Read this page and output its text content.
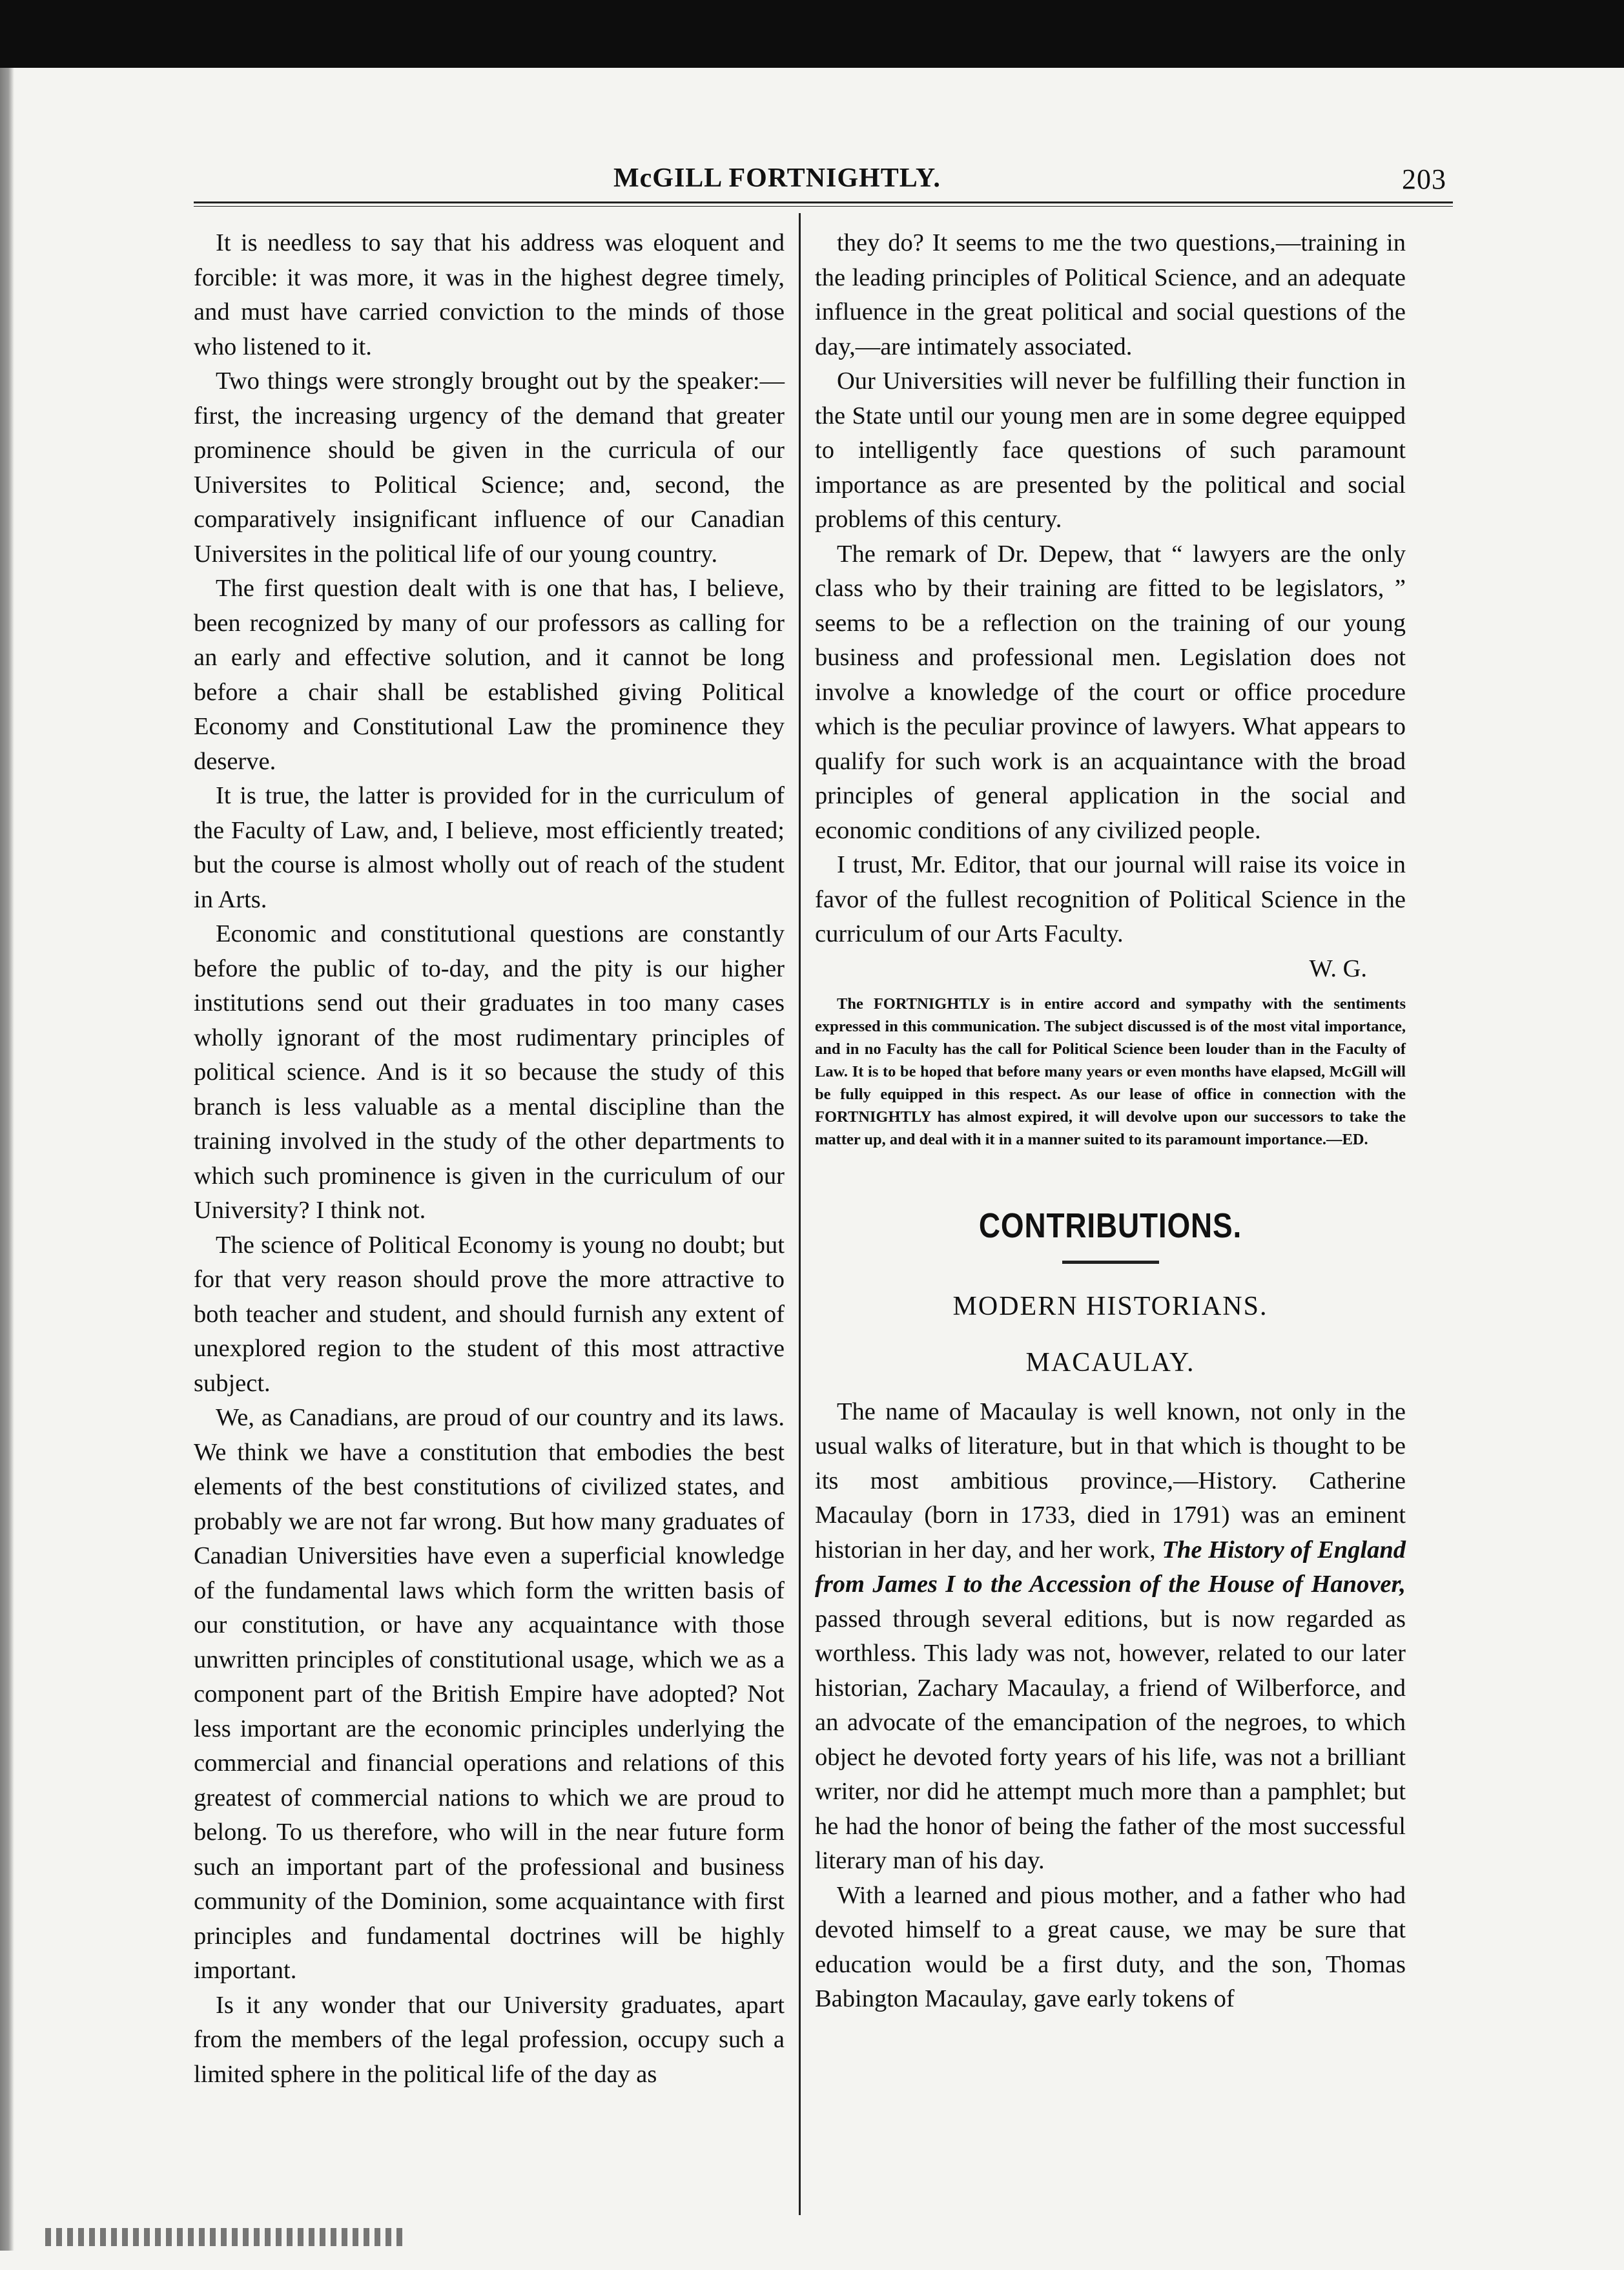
McGILL FORTNIGHTLY.	203

It is needless to say that his address was eloquent and forcible: it was more, it was in the highest degree timely, and must have carried conviction to the minds of those who listened to it.

Two things were strongly brought out by the speaker:—first, the increasing urgency of the demand that greater prominence should be given in the curricula of our Universites to Political Science; and, second, the comparatively insignificant influence of our Canadian Universites in the political life of our young country.

The first question dealt with is one that has, I believe, been recognized by many of our professors as calling for an early and effective solution, and it cannot be long before a chair shall be established giving Political Economy and Constitutional Law the prominence they deserve.

It is true, the latter is provided for in the curriculum of the Faculty of Law, and, I believe, most efficiently treated; but the course is almost wholly out of reach of the student in Arts.

Economic and constitutional questions are constantly before the public of to-day, and the pity is our higher institutions send out their graduates in too many cases wholly ignorant of the most rudimentary principles of political science. And is it so because the study of this branch is less valuable as a mental discipline than the training involved in the study of the other departments to which such prominence is given in the curriculum of our University? I think not.

The science of Political Economy is young no doubt; but for that very reason should prove the more attractive to both teacher and student, and should furnish any extent of unexplored region to the student of this most attractive subject.

We, as Canadians, are proud of our country and its laws. We think we have a constitution that embodies the best elements of the best constitutions of civilized states, and probably we are not far wrong. But how many graduates of Canadian Universities have even a superficial knowledge of the fundamental laws which form the written basis of our constitution, or have any acquaintance with those unwritten principles of constitutional usage, which we as a component part of the British Empire have adopted? Not less important are the economic principles underlying the commercial and financial operations and relations of this greatest of commercial nations to which we are proud to belong. To us therefore, who will in the near future form such an important part of the professional and business community of the Dominion, some acquaintance with first principles and fundamental doctrines will be highly important.

Is it any wonder that our University graduates, apart from the members of the legal profession, occupy such a limited sphere in the political life of the day as

they do? It seems to me the two questions,—training in the leading principles of Political Science, and an adequate influence in the great political and social questions of the day,—are intimately associated.

Our Universities will never be fulfilling their function in the State until our young men are in some degree equipped to intelligently face questions of such paramount importance as are presented by the political and social problems of this century.

The remark of Dr. Depew, that “ lawyers are the only class who by their training are fitted to be legislators, ” seems to be a reflection on the training of our young business and professional men. Legislation does not involve a knowledge of the court or office procedure which is the peculiar province of lawyers. What appears to qualify for such work is an acquaintance with the broad principles of general application in the social and economic conditions of any civilized people.

I trust, Mr. Editor, that our journal will raise its voice in favor of the fullest recognition of Political Science in the curriculum of our Arts Faculty.

W. G.
The FORTNIGHTLY is in entire accord and sympathy with the sentiments expressed in this communication. The subject discussed is of the most vital importance, and in no Faculty has the call for Political Science been louder than in the Faculty of Law. It is to be hoped that before many years or even months have elapsed, McGill will be fully equipped in this respect. As our lease of office in connection with the FORTNIGHTLY has almost expired, it will devolve upon our successors to take the matter up, and deal with it in a manner suited to its paramount importance.—ED.
CONTRIBUTIONS.
MODERN HISTORIANS.
MACAULAY.

The name of Macaulay is well known, not only in the usual walks of literature, but in that which is thought to be its most ambitious province,—History. Catherine Macaulay (born in 1733, died in 1791) was an eminent historian in her day, and her work, The History of England from James I to the Accession of the House of Hanover, passed through several editions, but is now regarded as worthless. This lady was not, however, related to our later historian, Zachary Macaulay, a friend of Wilberforce, and an advocate of the emancipation of the negroes, to which object he devoted forty years of his life, was not a brilliant writer, nor did he attempt much more than a pamphlet; but he had the honor of being the father of the most successful literary man of his day.

With a learned and pious mother, and a father who had devoted himself to a great cause, we may be sure that education would be a first duty, and the son, Thomas Babington Macaulay, gave early tokens of
